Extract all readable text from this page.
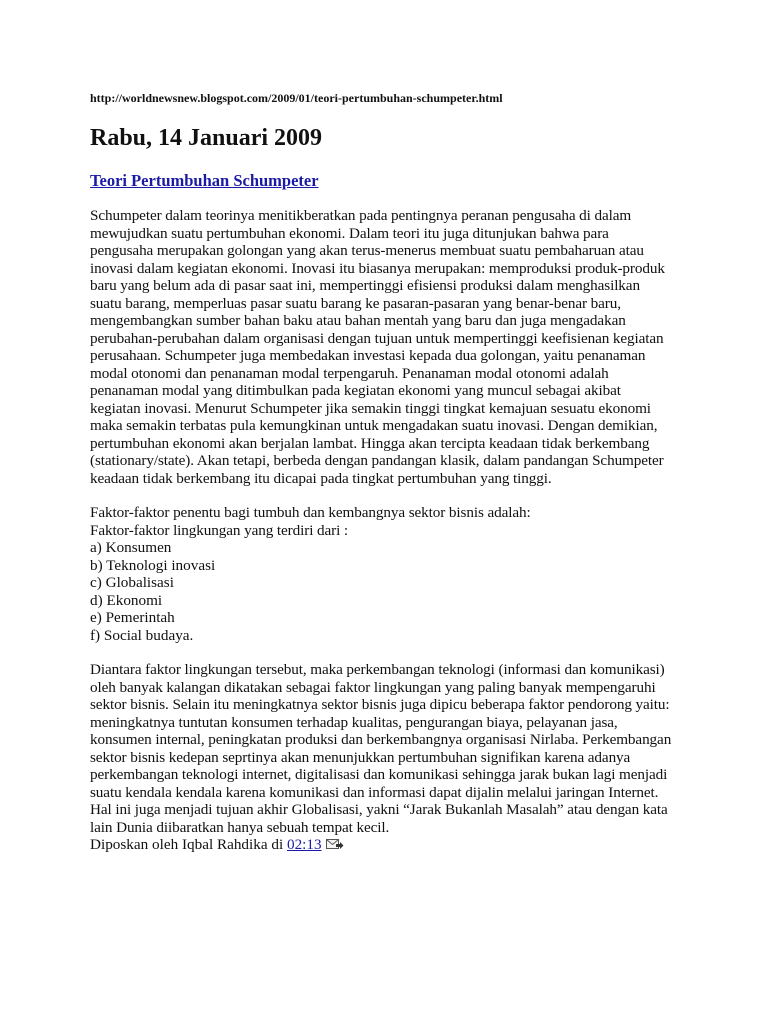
http://worldnewsnew.blogspot.com/2009/01/teori-pertumbuhan-schumpeter.html

Rabu, 14 Januari 2009
Teori Pertumbuhan Schumpeter

Schumpeter dalam teorinya menitikberatkan pada pentingnya peranan pengusaha di dalam
mewujudkan suatu pertumbuhan ekonomi. Dalam teori itu juga ditunjukan bahwa para
pengusaha merupakan golongan yang akan terus-menerus membuat suatu pembaharuan atau
inovasi dalam kegiatan ekonomi. Inovasi itu biasanya merupakan: memproduksi produk-produk
baru yang belum ada di pasar saat ini, mempertinggi efisiensi produksi dalam menghasilkan
suatu barang, memperluas pasar suatu barang ke pasaran-pasaran yang benar-benar baru,
mengembangkan sumber bahan baku atau bahan mentah yang baru dan juga mengadakan
perubahan-perubahan dalam organisasi dengan tujuan untuk mempertinggi keefisienan kegiatan
perusahaan. Schumpeter juga membedakan investasi kepada dua golongan, yaitu penanaman
modal otonomi dan penanaman modal terpengaruh. Penanaman modal otonomi adalah
penanaman modal yang ditimbulkan pada kegiatan ekonomi yang muncul sebagai akibat
kegiatan inovasi. Menurut Schumpeter jika semakin tinggi tingkat kemajuan sesuatu ekonomi
maka semakin terbatas pula kemungkinan untuk mengadakan suatu inovasi. Dengan demikian,
pertumbuhan ekonomi akan berjalan lambat. Hingga akan tercipta keadaan tidak berkembang
(stationary/state). Akan tetapi, berbeda dengan pandangan klasik, dalam pandangan Schumpeter
keadaan tidak berkembang itu dicapai pada tingkat pertumbuhan yang tinggi.

Faktor-faktor penentu bagi tumbuh dan kembangnya sektor bisnis adalah:

Faktor-faktor lingkungan yang terdiri dari :

a) Konsumen
b) Teknologi inovasi
c) Globalisasi
d) Ekonomi
e) Pemerintah
f) Social budaya.

Diantara faktor lingkungan tersebut, maka perkembangan teknologi (informasi dan komunikasi)
oleh banyak kalangan dikatakan sebagai faktor lingkungan yang paling banyak mempengaruhi
sektor bisnis. Selain itu meningkatnya sektor bisnis juga dipicu beberapa faktor pendorong yaitu:
meningkatnya tuntutan konsumen terhadap kualitas, pengurangan biaya, pelayanan jasa,
konsumen internal, peningkatan produksi dan berkembangnya organisasi Nirlaba. Perkembangan
sektor bisnis kedepan seprtinya akan menunjukkan pertumbuhan signifikan karena adanya
perkembangan teknologi internet, digitalisasi dan komunikasi sehingga jarak bukan lagi menjadi
suatu kendala kendala karena komunikasi dan informasi dapat dijalin melalui jaringan Internet.
Hal ini juga menjadi tujuan akhir Globalisasi, yakni “Jarak Bukanlah Masalah” atau dengan kata
lain Dunia diibaratkan hanya sebuah tempat kecil.

Diposkan oleh Iqbal Rahdika di 02:13
